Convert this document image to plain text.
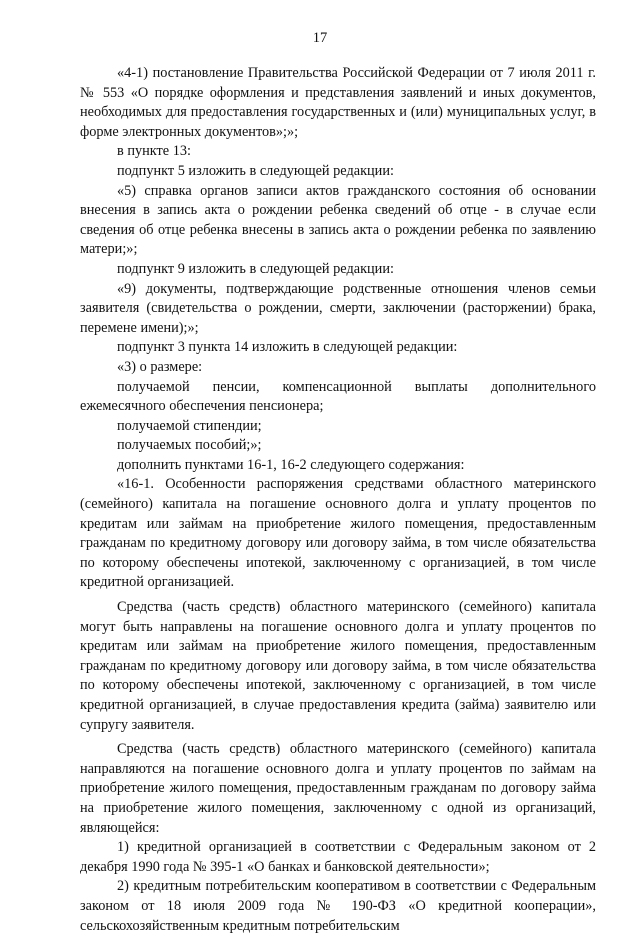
17

«4-1) постановление Правительства Российской Федерации от 7 июля 2011 г. № 553 «О порядке оформления и представления заявлений и иных документов, необходимых для предоставления государственных и (или) муниципальных услуг, в форме электронных документов»;»;

в пункте 13:

подпункт 5 изложить в следующей редакции:

«5) справка органов записи актов гражданского состояния об основании внесения в запись акта о рождении ребенка сведений об отце - в случае если сведения об отце ребенка внесены в запись акта о рождении ребенка по заявлению матери;»;

подпункт 9 изложить в следующей редакции:

«9) документы, подтверждающие родственные отношения членов семьи заявителя (свидетельства о рождении, смерти, заключении (расторжении) брака, перемене имени);»;

подпункт 3 пункта 14 изложить в следующей редакции:

«3) о размере:

получаемой пенсии, компенсационной выплаты дополнительного ежемесячного обеспечения пенсионера;

получаемой стипендии;

получаемых пособий;»;

дополнить пунктами 16-1, 16-2 следующего содержания:

«16-1. Особенности распоряжения средствами областного материнского (семейного) капитала на погашение основного долга и уплату процентов по кредитам или займам на приобретение жилого помещения, предоставленным гражданам по кредитному договору или договору займа, в том числе обязательства по которому обеспечены ипотекой, заключенному с организацией, в том числе кредитной организацией.

Средства (часть средств) областного материнского (семейного) капитала могут быть направлены на погашение основного долга и уплату процентов по кредитам или займам на приобретение жилого помещения, предоставленным гражданам по кредитному договору или договору займа, в том числе обязательства по которому обеспечены ипотекой, заключенному с организацией, в том числе кредитной организацией, в случае предоставления кредита (займа) заявителю или супругу заявителя.

Средства (часть средств) областного материнского (семейного) капитала направляются на погашение основного долга и уплату процентов по займам на приобретение жилого помещения, предоставленным гражданам по договору займа на приобретение жилого помещения, заключенному с одной из организаций, являющейся:

1) кредитной организацией в соответствии с Федеральным законом от 2 декабря 1990 года № 395-1 «О банках и банковской деятельности»;

2) кредитным потребительским кооперативом в соответствии с Федеральным законом от 18 июля 2009 года № 190-ФЗ «О кредитной кооперации», сельскохозяйственным кредитным потребительским
